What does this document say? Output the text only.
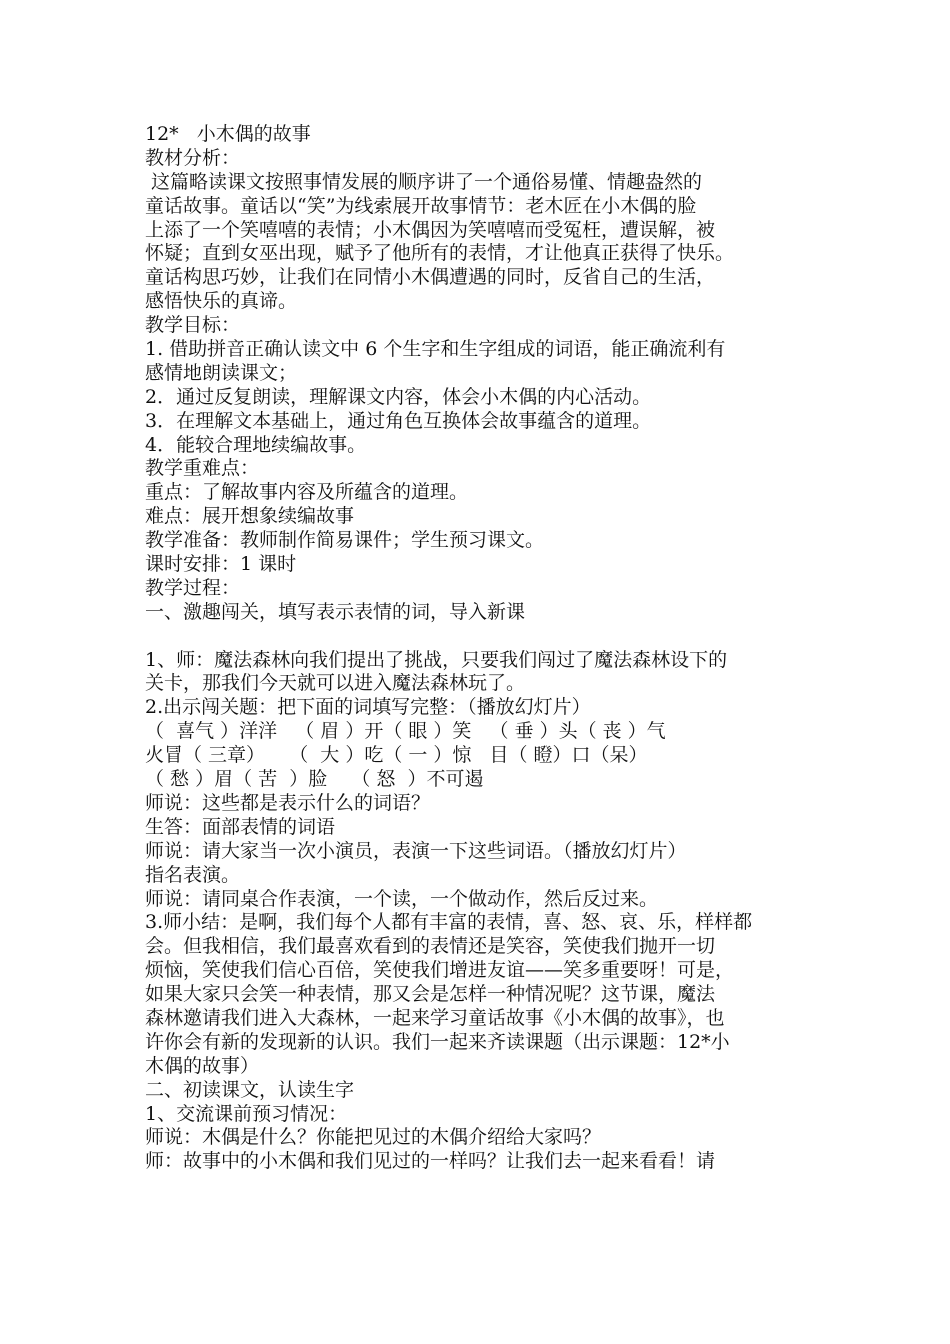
12*   小木偶的故事
教材分析：
这篇略读课文按照事情发展的顺序讲了一个通俗易懂、情趣盎然的
童话故事。童话以“笑”为线索展开故事情节：老木匠在小木偶的脸
上添了一个笑嘻嘻的表情；小木偶因为笑嘻嘻而受冤枉，遭误解，被
怀疑；直到女巫出现，赋予了他所有的表情，才让他真正获得了快乐。
童话构思巧妙，让我们在同情小木偶遭遇的同时，反省自己的生活，
感悟快乐的真谛。
教学目标：
1. 借助拼音正确认读文中 6 个生字和生字组成的词语，能正确流利有
感情地朗读课文；
2．通过反复朗读，理解课文内容，体会小木偶的内心活动。
3．在理解文本基础上，通过角色互换体会故事蕴含的道理。
4．能较合理地续编故事。
教学重难点：
重点：了解故事内容及所蕴含的道理。
难点：展开想象续编故事
教学准备：教师制作简易课件；学生预习课文。
课时安排：1 课时
教学过程：
一、激趣闯关，填写表示表情的词，导入新课
1、师：魔法森林向我们提出了挑战，只要我们闯过了魔法森林设下的
关卡，那我们今天就可以进入魔法森林玩了。
2.出示闯关题：把下面的词填写完整：（播放幻灯片）
（  喜气 ）洋洋   （ 眉 ）开（ 眼 ）笑   （ 垂 ）头（ 丧 ）气
火冒（ 三章）    （  大 ）吃（ 一 ）惊   目（ 瞪）口（呆）
（ 愁 ）眉（ 苦  ）脸    （ 怒  ）不可遏
师说：这些都是表示什么的词语？
生答：面部表情的词语
师说：请大家当一次小演员，表演一下这些词语。（播放幻灯片）
指名表演。
师说：请同桌合作表演，一个读，一个做动作，然后反过来。
3.师小结：是啊，我们每个人都有丰富的表情，喜、怒、哀、乐，样样都
会。但我相信，我们最喜欢看到的表情还是笑容，笑使我们抛开一切
烦恼，笑使我们信心百倍，笑使我们增进友谊——笑多重要呀！可是，
如果大家只会笑一种表情，那又会是怎样一种情况呢？这节课，魔法
森林邀请我们进入大森林，一起来学习童话故事《小木偶的故事》，也
许你会有新的发现新的认识。我们一起来齐读课题（出示课题：12*小
木偶的故事）
二、初读课文，认读生字
1、交流课前预习情况：
师说：木偶是什么？你能把见过的木偶介绍给大家吗？
师：故事中的小木偶和我们见过的一样吗？让我们去一起来看看！请
